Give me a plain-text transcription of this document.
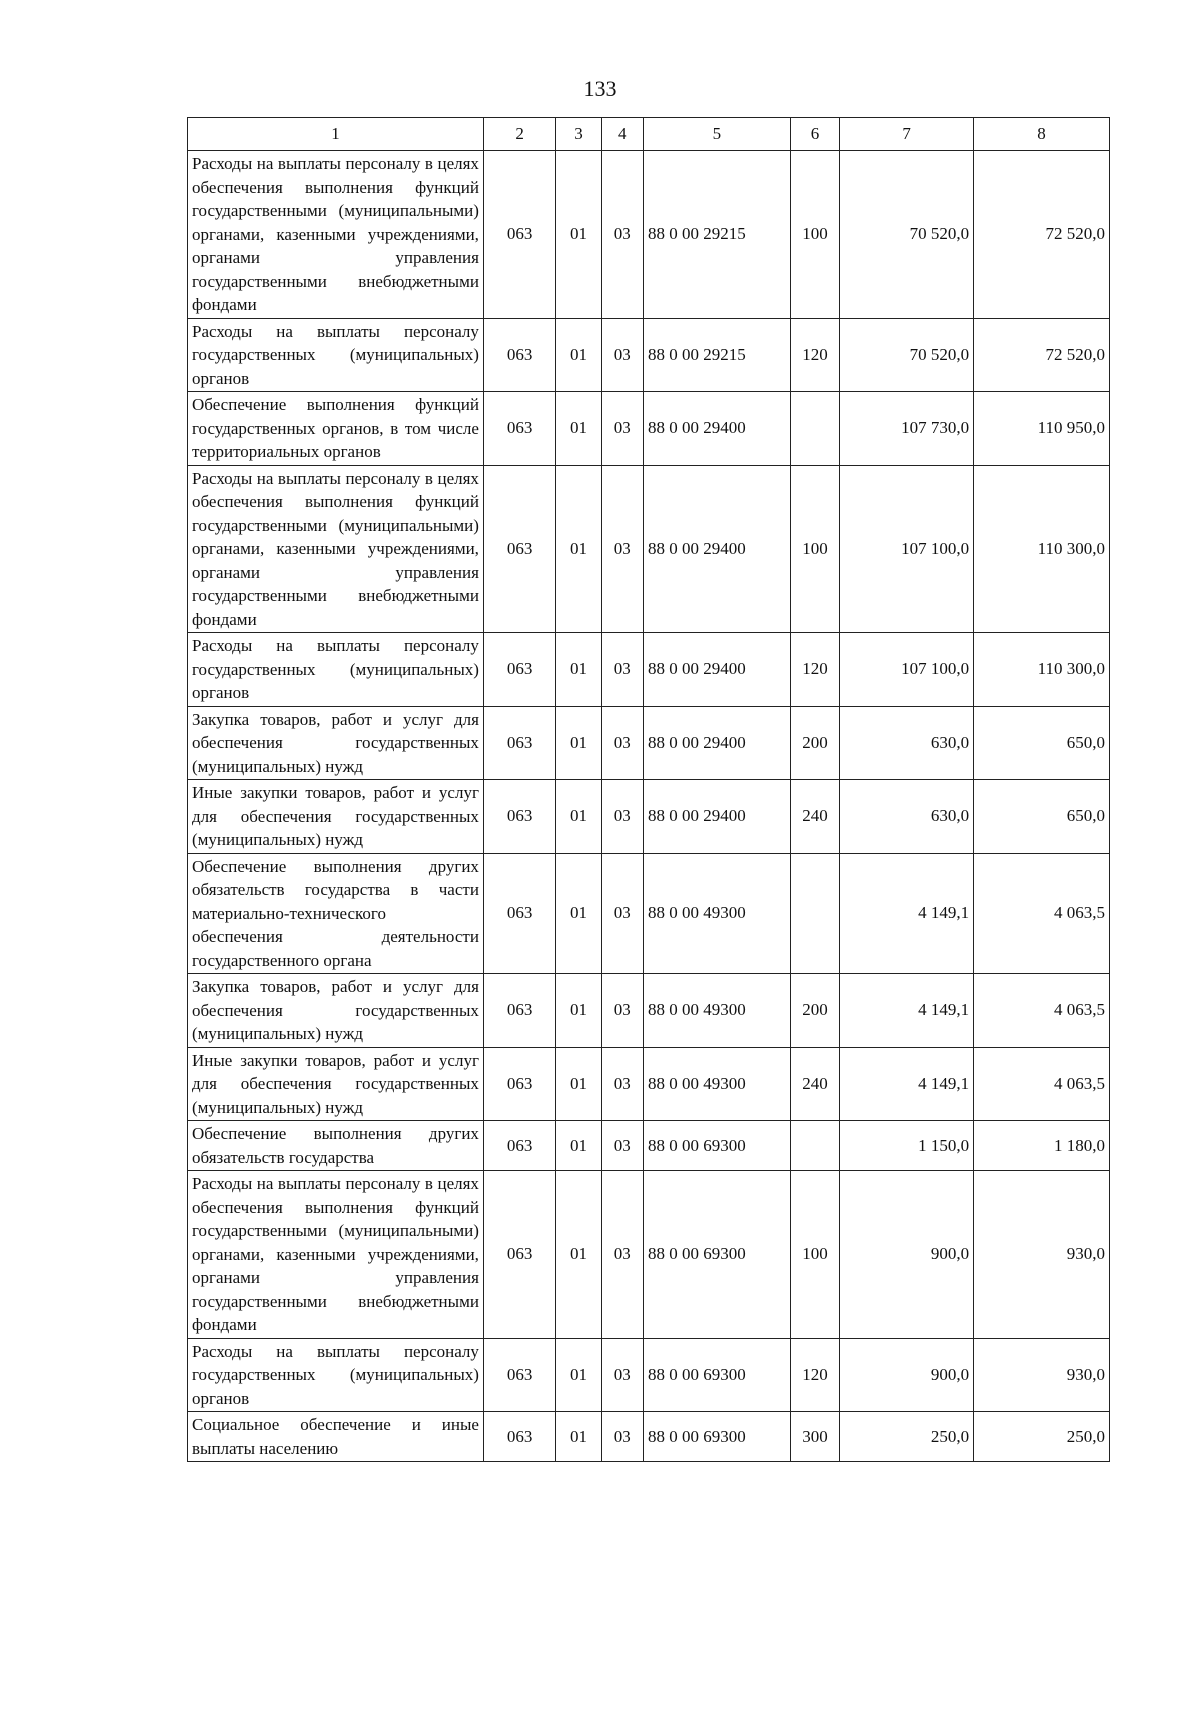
133
1	2	3	4	5	6	7	8
Расходы на выплаты персоналу в целях обеспечения выполнения функций государственными (муниципальными) органами, казенными учреждениями, органами управления государственными внебюджетными фондами	063	01	03	88 0 00 29215	100	70 520,0	72 520,0
Расходы на выплаты персоналу государственных (муниципальных) органов	063	01	03	88 0 00 29215	120	70 520,0	72 520,0
Обеспечение выполнения функций государственных органов, в том числе территориальных органов	063	01	03	88 0 00 29400		107 730,0	110 950,0
Расходы на выплаты персоналу в целях обеспечения выполнения функций государственными (муниципальными) органами, казенными учреждениями, органами управления государственными внебюджетными фондами	063	01	03	88 0 00 29400	100	107 100,0	110 300,0
Расходы на выплаты персоналу государственных (муниципальных) органов	063	01	03	88 0 00 29400	120	107 100,0	110 300,0
Закупка товаров, работ и услуг для обеспечения государственных (муниципальных) нужд	063	01	03	88 0 00 29400	200	630,0	650,0
Иные закупки товаров, работ и услуг для обеспечения государственных (муниципальных) нужд	063	01	03	88 0 00 29400	240	630,0	650,0
Обеспечение выполнения других обязательств государства в части материально-технического обеспечения деятельности государственного органа	063	01	03	88 0 00 49300		4 149,1	4 063,5
Закупка товаров, работ и услуг для обеспечения государственных (муниципальных) нужд	063	01	03	88 0 00 49300	200	4 149,1	4 063,5
Иные закупки товаров, работ и услуг для обеспечения государственных (муниципальных) нужд	063	01	03	88 0 00 49300	240	4 149,1	4 063,5
Обеспечение выполнения других обязательств государства	063	01	03	88 0 00 69300		1 150,0	1 180,0
Расходы на выплаты персоналу в целях обеспечения выполнения функций государственными (муниципальными) органами, казенными учреждениями, органами управления государственными внебюджетными фондами	063	01	03	88 0 00 69300	100	900,0	930,0
Расходы на выплаты персоналу государственных (муниципальных) органов	063	01	03	88 0 00 69300	120	900,0	930,0
Социальное обеспечение и иные выплаты населению	063	01	03	88 0 00 69300	300	250,0	250,0
